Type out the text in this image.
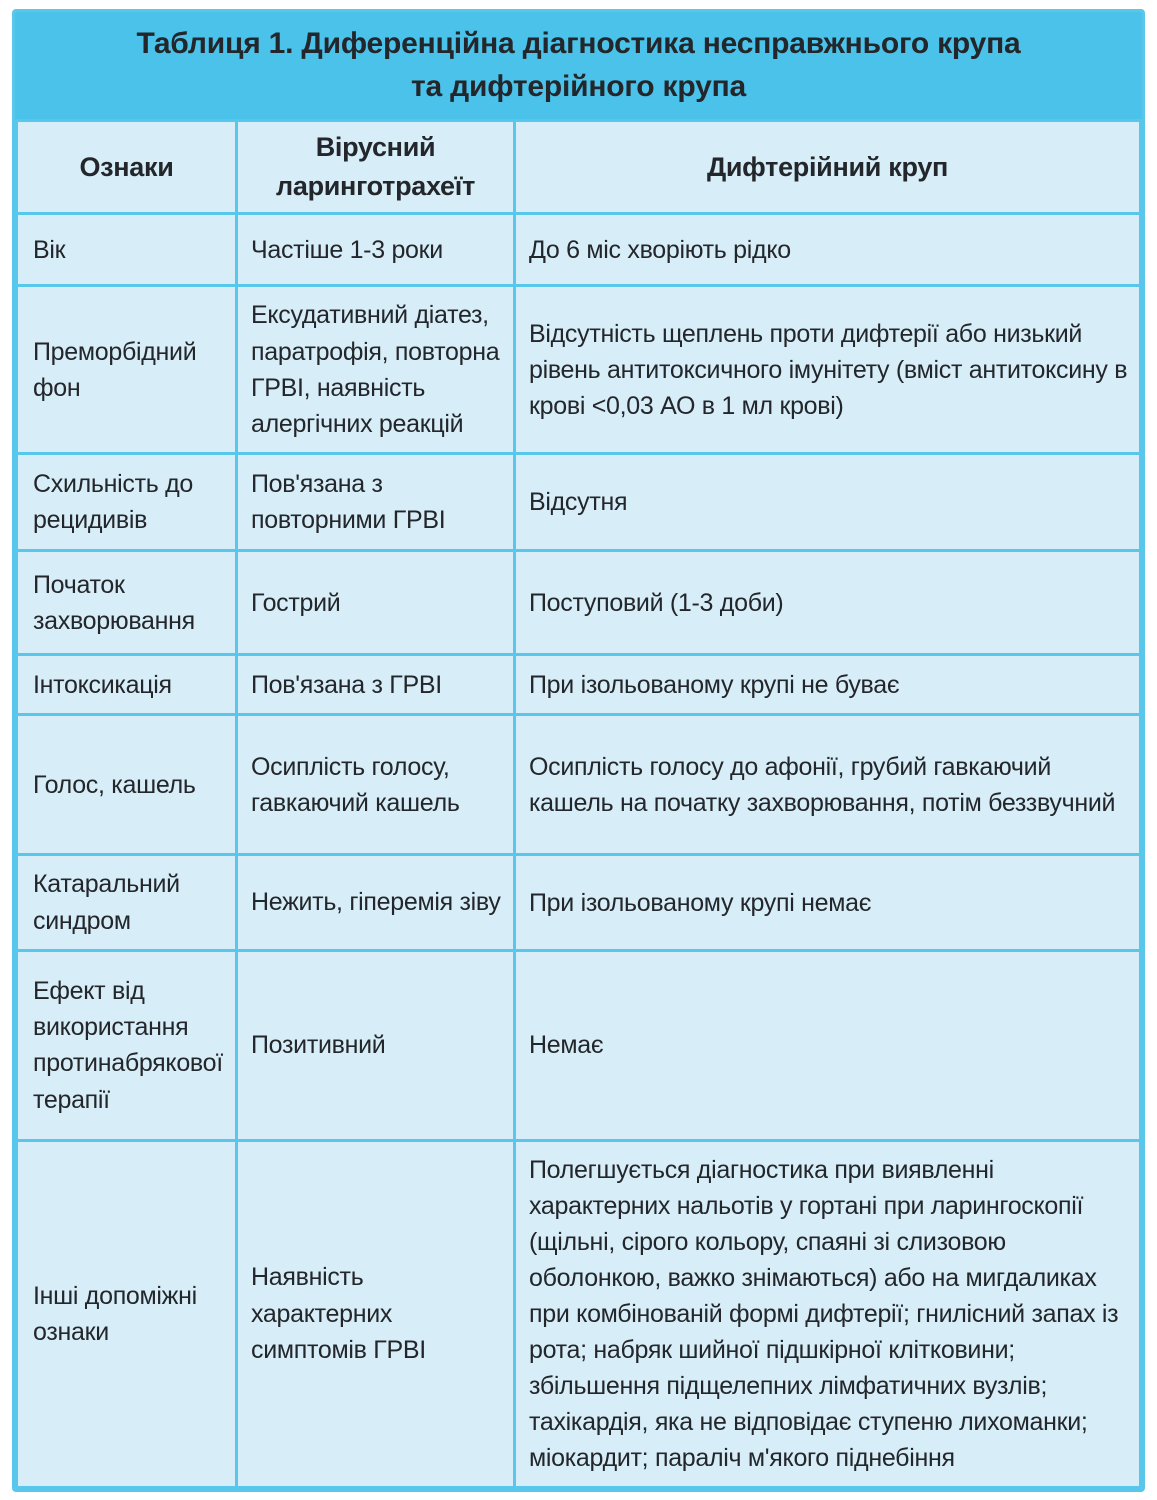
Таблиця 1. Диференційна діагностика несправжнього крупа
та дифтерійного крупа
Ознаки	Вірусний ларинготрахеїт	Дифтерійний круп
Вік	Частіше 1-3 роки	До 6 міс хворіють рідко
Преморбідний фон	Ексудативний діатез, паратрофія, повторна ГРВІ, наявність алергічних реакцій	Відсутність щеплень проти дифтерії або низький рівень антитоксичного імунітету (вміст антитоксину в крові <0,03 АО в 1 мл крові)
Схильність до рецидивів	Пов'язана з повторними ГРВІ	Відсутня
Початок захворювання	Гострий	Поступовий (1-3 доби)
Інтоксикація	Пов'язана з ГРВІ	При ізольованому крупі не буває
Голос, кашель	Осиплість голосу, гавкаючий кашель	Осиплість голосу до афонії, грубий гавкаючий кашель на початку захворювання, потім беззвучний
Катаральний синдром	Нежить, гіперемія зіву	При ізольованому крупі немає
Ефект від використання протинабрякової терапії	Позитивний	Немає
Інші допоміжні ознаки	Наявність характерних симптомів ГРВІ	Полегшується діагностика при виявленні характерних нальотів у гортані при ларингоскопії (щільні, сірого кольору, спаяні зі слизовою оболонкою, важко знімаються) або на мигдаликах при комбінованій формі дифтерії; гнилісний запах із рота; набряк шийної підшкірної клітковини; збільшення підщелепних лімфатичних вузлів; тахікардія, яка не відповідає ступеню лихоманки; міокардит; параліч м'якого піднебіння
